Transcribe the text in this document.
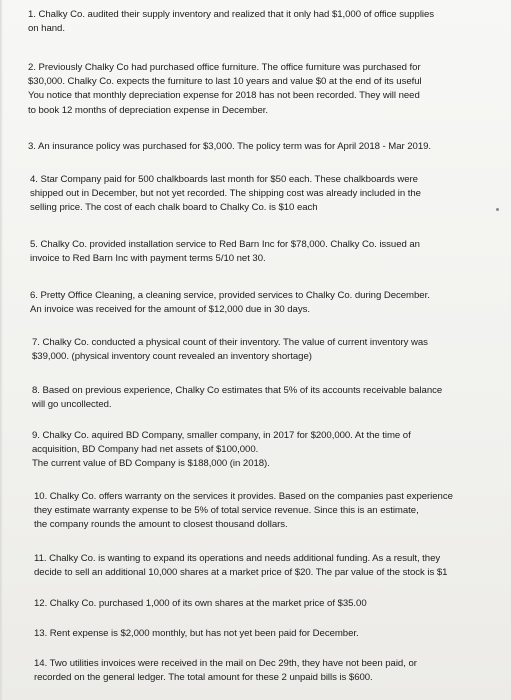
1. Chalky Co. audited their supply inventory and realized that it only had $1,000 of office supplies
on hand.
2. Previously Chalky Co had purchased office furniture. The office furniture was purchased for
$30,000. Chalky Co. expects the furniture to last 10 years and value $0 at the end of its useful
You notice that monthly depreciation expense for 2018 has not been recorded. They will need
to book 12 months of depreciation expense in December.
3. An insurance policy was purchased for $3,000. The policy term was for April 2018 - Mar 2019.
4. Star Company paid for 500 chalkboards last month for $50 each. These chalkboards were
shipped out in December, but not yet recorded. The shipping cost was already included in the
selling price. The cost of each chalk board to Chalky Co. is $10 each
5. Chalky Co. provided installation service to Red Barn Inc for $78,000. Chalky Co. issued an
invoice to Red Barn Inc with payment terms 5/10 net 30.
6. Pretty Office Cleaning, a cleaning service, provided services to Chalky Co. during December.
An invoice was received for the amount of $12,000 due in 30 days.
7. Chalky Co. conducted a physical count of their inventory. The value of current inventory was
$39,000. (physical inventory count revealed an inventory shortage)
8. Based on previous experience, Chalky Co estimates that 5% of its accounts receivable balance
will go uncollected.
9. Chalky Co. aquired BD Company, smaller company, in 2017 for $200,000. At the time of
acquisition, BD Company had net assets of $100,000.
The current value of BD Company is $188,000 (in 2018).
10. Chalky Co. offers warranty on the services it provides. Based on the companies past experience
they estimate warranty expense to be 5% of total service revenue. Since this is an estimate,
the company rounds the amount to closest thousand dollars.
11. Chalky Co. is wanting to expand its operations and needs additional funding. As a result, they
decide to sell an additional 10,000 shares at a market price of $20. The par value of the stock is $1
12. Chalky Co. purchased 1,000 of its own shares at the market price of $35.00
13. Rent expense is $2,000 monthly, but has not yet been paid for December.
14. Two utilities invoices were received in the mail on Dec 29th, they have not been paid, or
recorded on the general ledger. The total amount for these 2 unpaid bills is $600.
